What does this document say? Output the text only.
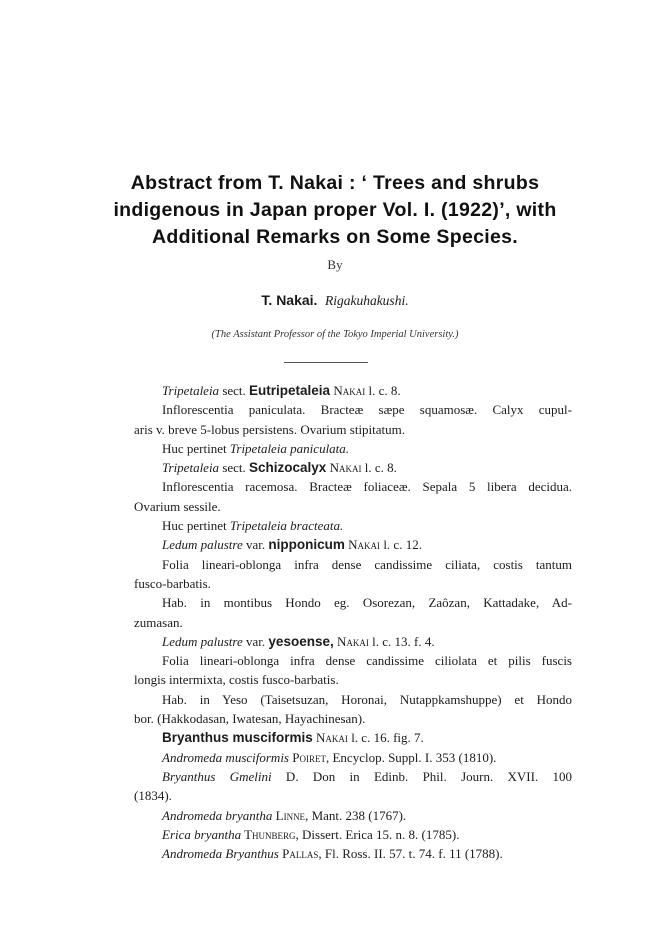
Abstract from T. Nakai : ‘ Trees and shrubs
indigenous in Japan proper Vol. I. (1922)’, with
Additional Remarks on Some Species.
By
T. Nakai. Rigakuhakushi.
(The Assistant Professor of the Tokyo Imperial University.)
Tripetaleia sect. Eutripetaleia Nakai l. c. 8.
Inflorescentia paniculata. Bracteæ sæpe squamosæ. Calyx cupul-
aris v. breve 5-lobus persistens. Ovarium stipitatum.
Huc pertinet Tripetaleia paniculata.
Tripetaleia sect. Schizocalyx Nakai l. c. 8.
Inflorescentia racemosa. Bracteæ foliaceæ. Sepala 5 libera decidua.
Ovarium sessile.
Huc pertinet Tripetaleia bracteata.
Ledum palustre var. nipponicum Nakai l. c. 12.
Folia lineari-oblonga infra dense candissime ciliata, costis tantum
fusco-barbatis.
Hab. in montibus Hondo eg. Osorezan, Zaôzan, Kattadake, Ad-
zumasan.
Ledum palustre var. yesoense, Nakai l. c. 13. f. 4.
Folia lineari-oblonga infra dense candissime ciliolata et pilis fuscis
longis intermixta, costis fusco-barbatis.
Hab. in Yeso (Taisetsuzan, Horonai, Nutappkamshuppe) et Hondo
bor. (Hakkodasan, Iwatesan, Hayachinesan).
Bryanthus musciformis Nakai l. c. 16. fig. 7.
Andromeda musciformis Poiret, Encyclop. Suppl. I. 353 (1810).
Bryanthus Gmelini D. Don in Edinb. Phil. Journ. XVII. 100
(1834).
Andromeda bryantha Linne, Mant. 238 (1767).
Erica bryantha Thunberg, Dissert. Erica 15. n. 8. (1785).
Andromeda Bryanthus Pallas, Fl. Ross. II. 57. t. 74. f. 11 (1788).
